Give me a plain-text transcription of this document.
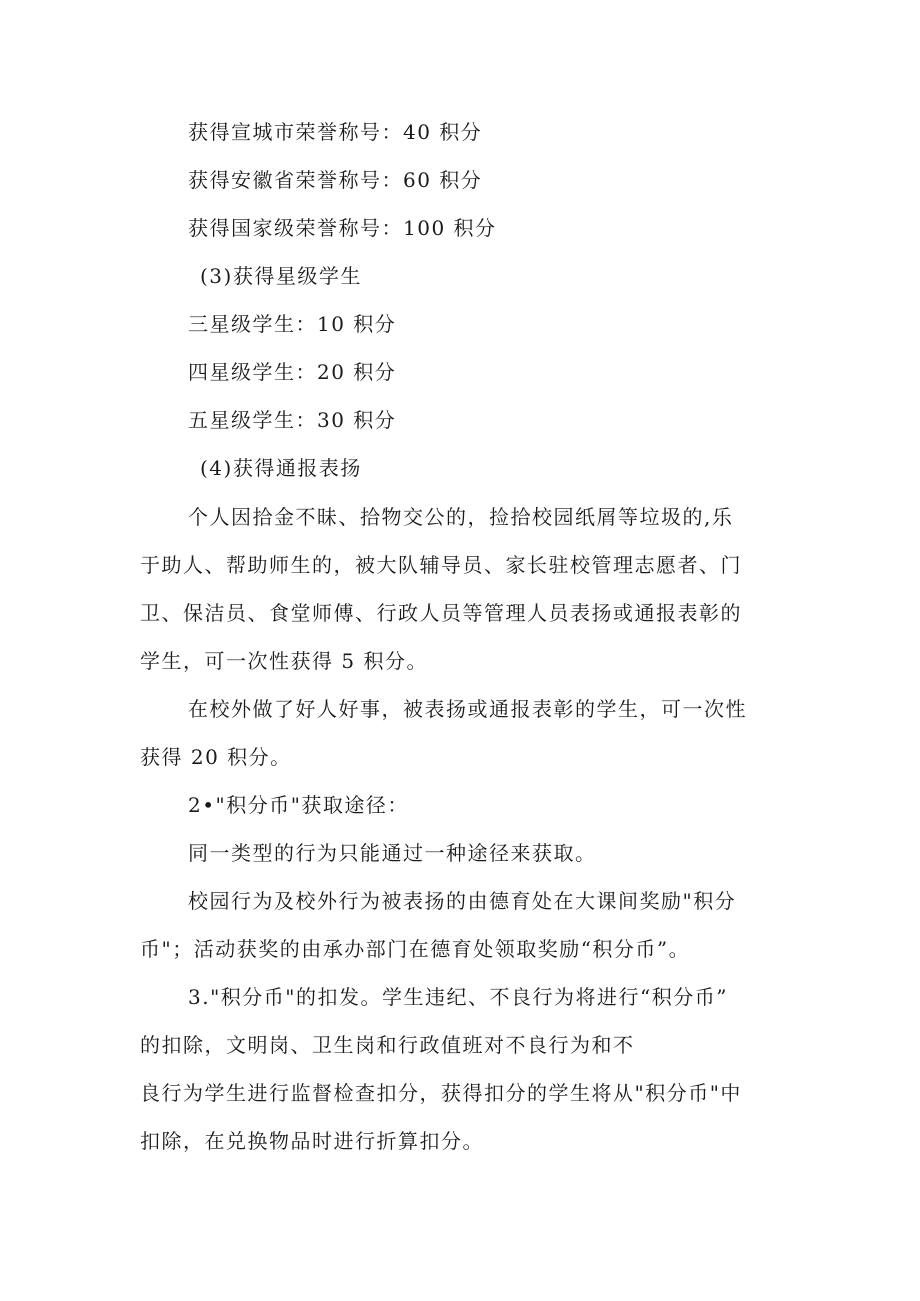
获得宣城市荣誉称号：40 积分
获得安徽省荣誉称号：60 积分
获得国家级荣誉称号：100 积分
(3)获得星级学生
三星级学生：10 积分
四星级学生：20 积分
五星级学生：30 积分
(4)获得通报表扬
个人因拾金不昧、拾物交公的，捡拾校园纸屑等垃圾的,乐
于助人、帮助师生的，被大队辅导员、家长驻校管理志愿者、门
卫、保洁员、食堂师傅、行政人员等管理人员表扬或通报表彰的
学生，可一次性获得 5 积分。
在校外做了好人好事，被表扬或通报表彰的学生，可一次性
获得 20 积分。
2•"积分币"获取途径：
同一类型的行为只能通过一种途径来获取。
校园行为及校外行为被表扬的由德育处在大课间奖励"积分
币"；活动获奖的由承办部门在德育处领取奖励“积分币”。
3."积分币"的扣发。学生违纪、不良行为将进行“积分币”
的扣除，文明岗、卫生岗和行政值班对不良行为和不
良行为学生进行监督检查扣分，获得扣分的学生将从"积分币"中
扣除，在兑换物品时进行折算扣分。
